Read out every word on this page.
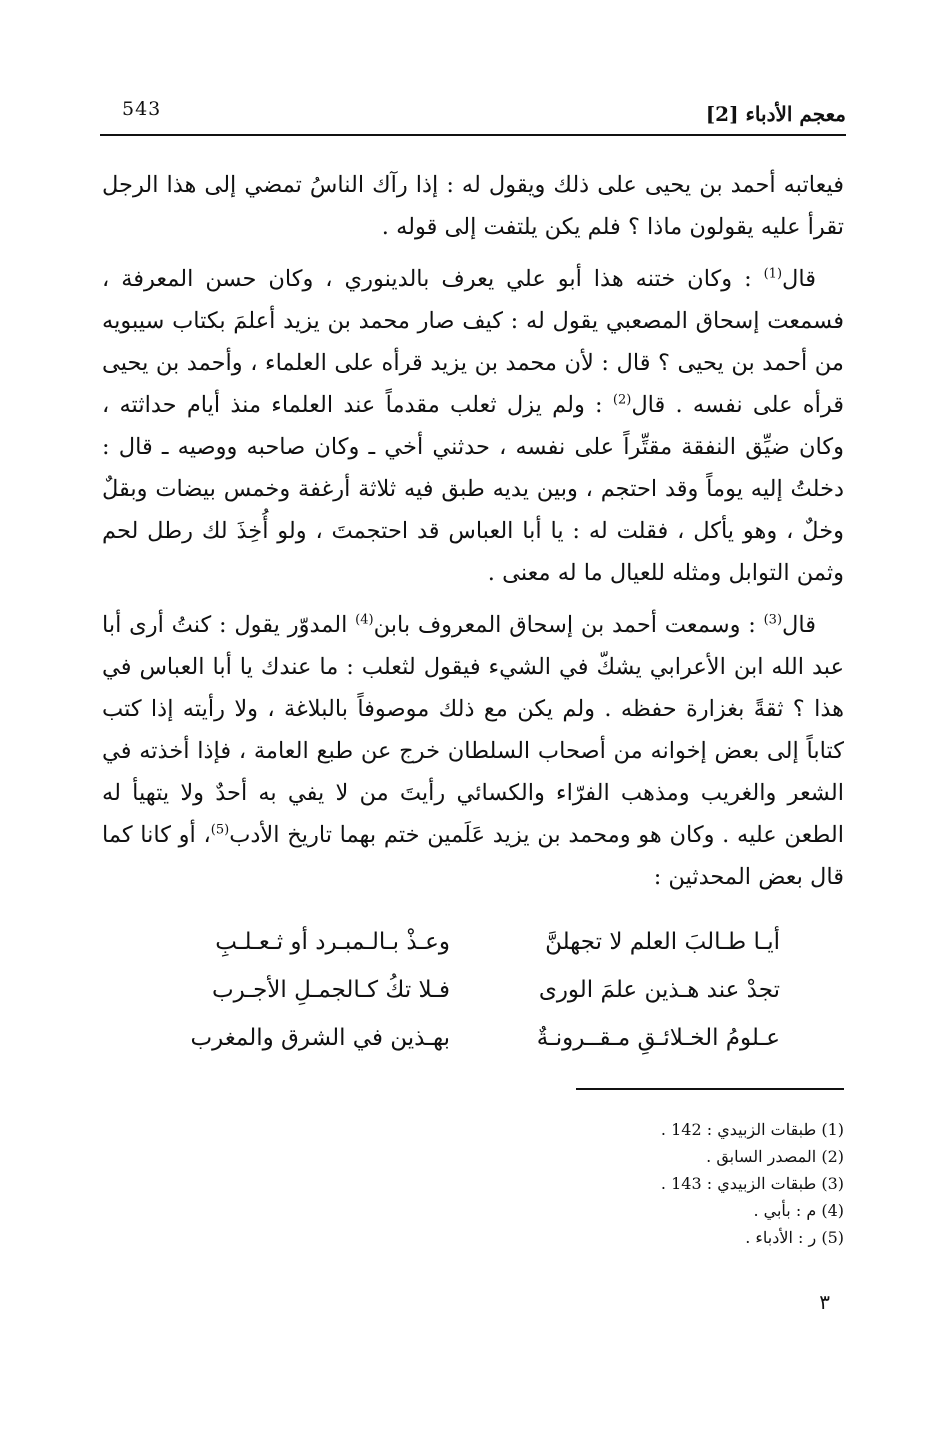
معجم الأدباء [2]
543

فيعاتبه أحمد بن يحيى على ذلك ويقول له : إذا رآك الناسُ تمضي إلى هذا الرجل تقرأ عليه يقولون ماذا ؟ فلم يكن يلتفت إلى قوله .

قال$^{(1)}$ : وكان ختنه هذا أبو علي يعرف بالدينوري ، وكان حسن المعرفة ، فسمعت إسحاق المصعبي يقول له : كيف صار محمد بن يزيد أعلمَ بكتاب سيبويه من أحمد بن يحيى ؟ قال : لأن محمد بن يزيد قرأه على العلماء ، وأحمد بن يحيى قرأه على نفسه . قال$^{(2)}$ : ولم يزل ثعلب مقدماً عند العلماء منذ أيام حداثته ، وكان ضيِّق النفقة مقتِّراً على نفسه ، حدثني أخي ـ وكان صاحبه ووصيه ـ قال : دخلتُ إليه يوماً وقد احتجم ، وبين يديه طبق فيه ثلاثة أرغفة وخمس بيضات وبقلٌ وخلٌ ، وهو يأكل ، فقلت له : يا أبا العباس قد احتجمتَ ، ولو أُخِذَ لك رطل لحم وثمن التوابل ومثله للعيال ما له معنى .

قال$^{(3)}$ : وسمعت أحمد بن إسحاق المعروف بابن$^{(4)}$ المدوّر يقول : كنتُ أرى أبا عبد الله ابن الأعرابي يشكّ في الشيء فيقول لثعلب : ما عندك يا أبا العباس في هذا ؟ ثقةً بغزارة حفظه . ولم يكن مع ذلك موصوفاً بالبلاغة ، ولا رأيته إذا كتب كتاباً إلى بعض إخوانه من أصحاب السلطان خرج عن طبع العامة ، فإذا أخذته في الشعر والغريب ومذهب الفرّاء والكسائي رأيتَ من لا يفي به أحدٌ ولا يتهيأ له الطعن عليه . وكان هو ومحمد بن يزيد عَلَمين ختم بهما تاريخ الأدب$^{(5)}$، أو كانا كما قال بعض المحدثين :

أيـا طـالبَ العلم لا تجهلنَّ
وعـذْ بـالـمبـرد أو ثـعـلـبِ
تجدْ عند هـذين علمَ الورى
فـلا تكُ كـالجمـلِ الأجـرب
عـلومُ الخـلائـقِ مـقــرونـةٌ
بهـذين في الشرق والمغرب
(1) طبقات الزبيدي : 142 .
(2) المصدر السابق .
(3) طبقات الزبيدي : 143 .
(4) م : بأبي .
(5) ر : الأدباء .
٣
